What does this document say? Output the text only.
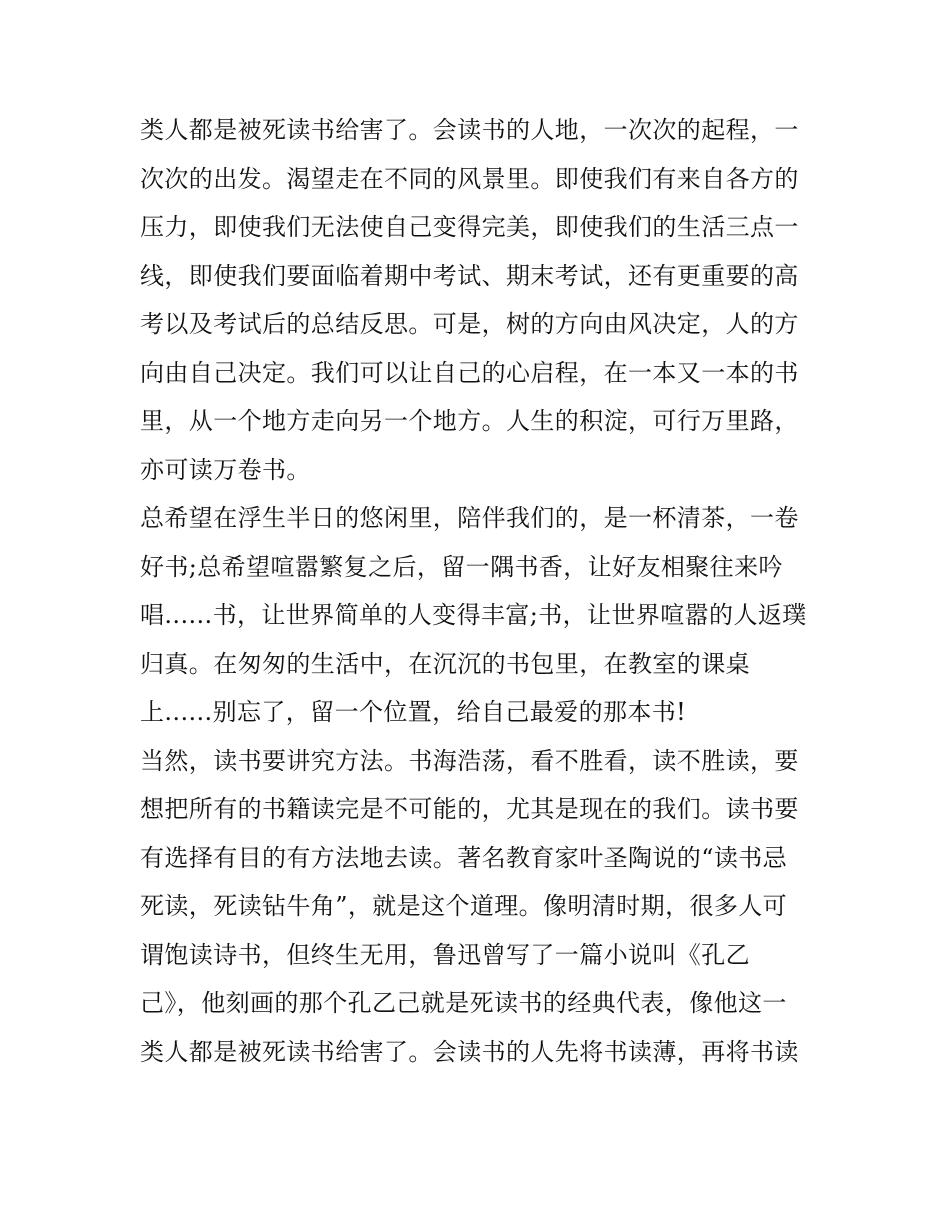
类人都是被死读书给害了。会读书的人地，一次次的起程，一
次次的出发。渴望走在不同的风景里。即使我们有来自各方的
压力，即使我们无法使自己变得完美，即使我们的生活三点一
线，即使我们要面临着期中考试、期末考试，还有更重要的高
考以及考试后的总结反思。可是，树的方向由风决定，人的方
向由自己决定。我们可以让自己的心启程，在一本又一本的书
里，从一个地方走向另一个地方。人生的积淀，可行万里路，
亦可读万卷书。
总希望在浮生半日的悠闲里，陪伴我们的，是一杯清茶，一卷
好书;总希望喧嚣繁复之后，留一隅书香，让好友相聚往来吟
唱......书，让世界简单的人变得丰富;书，让世界喧嚣的人返璞
归真。在匆匆的生活中，在沉沉的书包里，在教室的课桌
上......别忘了，留一个位置，给自己最爱的那本书!
当然，读书要讲究方法。书海浩荡，看不胜看，读不胜读，要
想把所有的书籍读完是不可能的，尤其是现在的我们。读书要
有选择有目的有方法地去读。著名教育家叶圣陶说的“读书忌
死读，死读钻牛角”，就是这个道理。像明清时期，很多人可
谓饱读诗书，但终生无用，鲁迅曾写了一篇小说叫《孔乙
己》，他刻画的那个孔乙己就是死读书的经典代表，像他这一
类人都是被死读书给害了。会读书的人先将书读薄，再将书读
